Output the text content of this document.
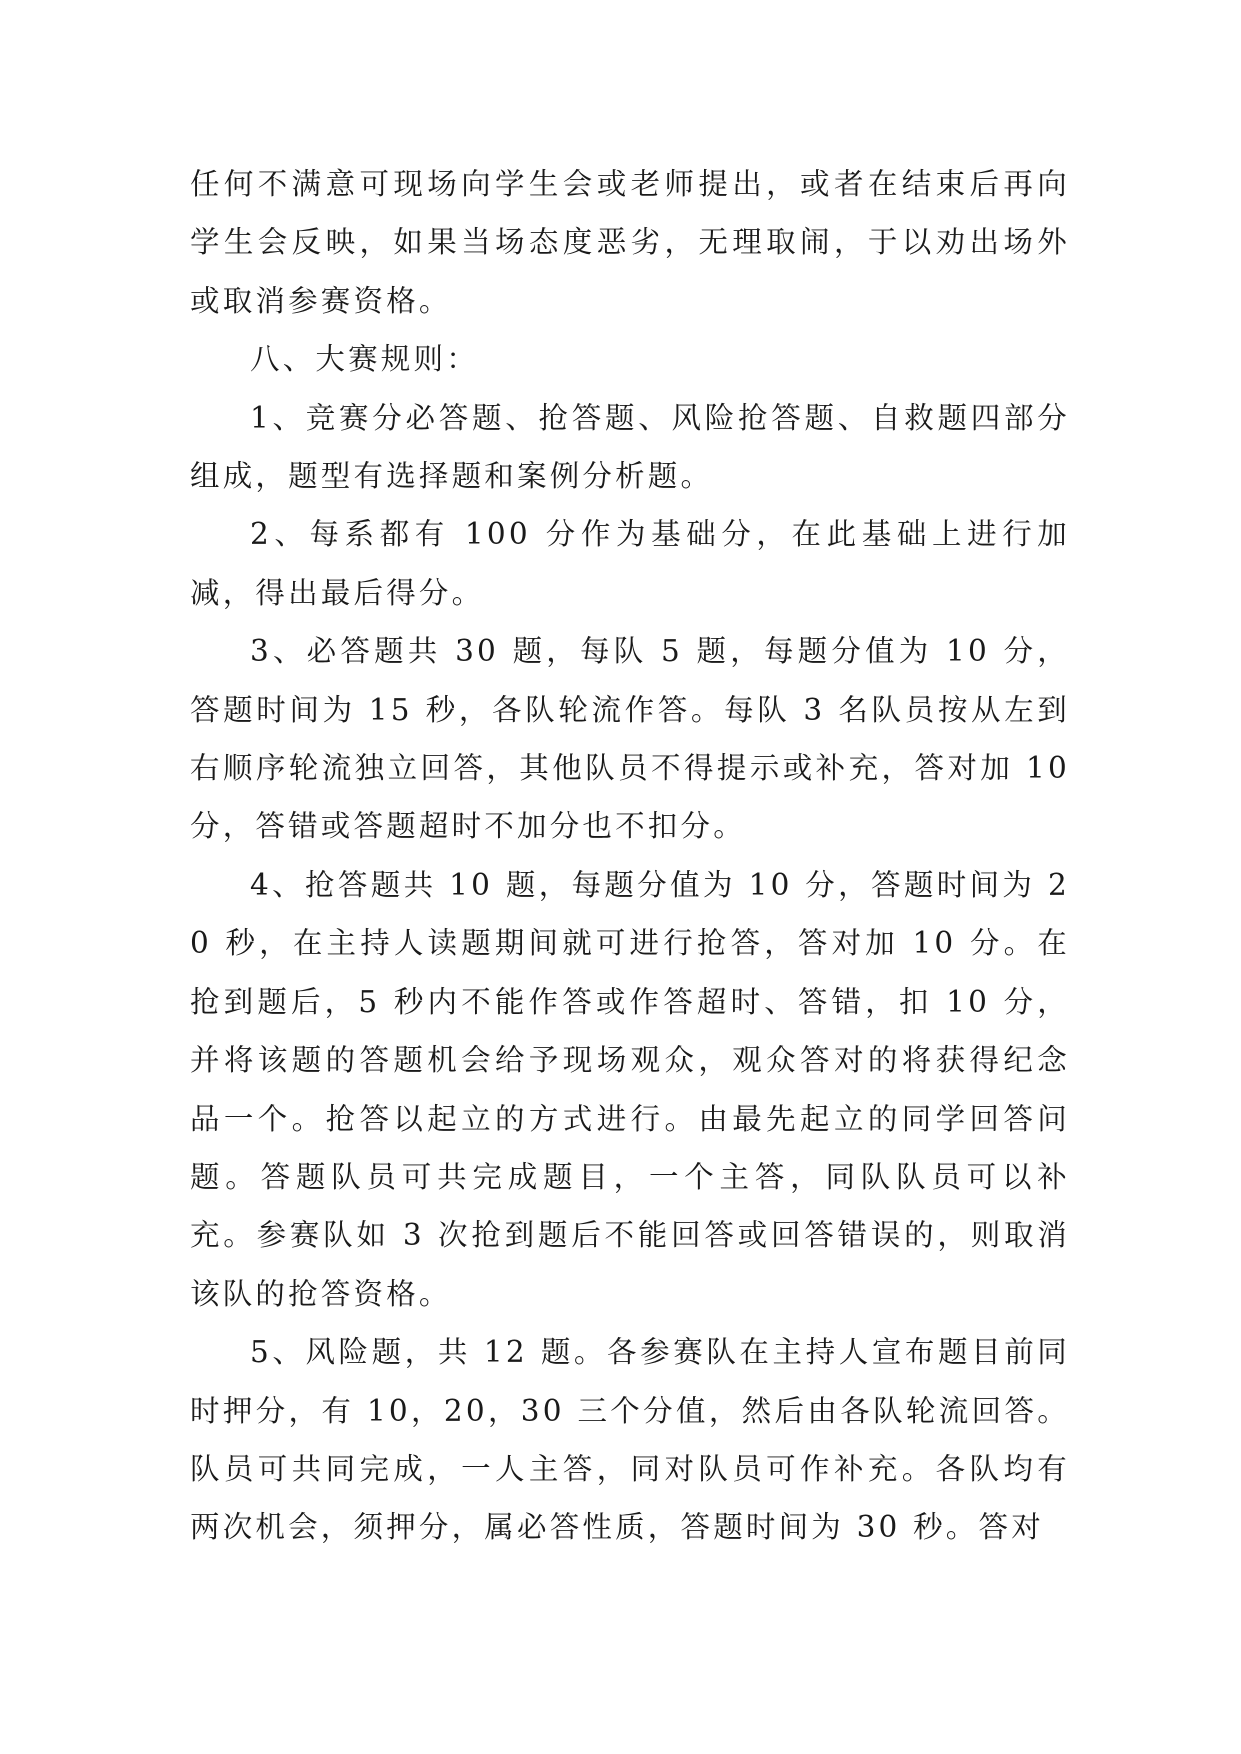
任何不满意可现场向学生会或老师提出，或者在结束后再向学生会反映，如果当场态度恶劣，无理取闹，于以劝出场外或取消参赛资格。

八、大赛规则：

1、竞赛分必答题、抢答题、风险抢答题、自救题四部分组成，题型有选择题和案例分析题。

2、每系都有 100 分作为基础分，在此基础上进行加减，得出最后得分。

3、必答题共 30 题，每队 5 题，每题分值为 10 分，答题时间为 15 秒，各队轮流作答。每队 3 名队员按从左到右顺序轮流独立回答，其他队员不得提示或补充，答对加 10 分，答错或答题超时不加分也不扣分。

4、抢答题共 10 题，每题分值为 10 分，答题时间为 20 秒，在主持人读题期间就可进行抢答，答对加 10 分。在抢到题后，5 秒内不能作答或作答超时、答错，扣 10 分，并将该题的答题机会给予现场观众，观众答对的将获得纪念品一个。抢答以起立的方式进行。由最先起立的同学回答问题。答题队员可共完成题目，一个主答，同队队员可以补充。参赛队如 3 次抢到题后不能回答或回答错误的，则取消该队的抢答资格。

5、风险题，共 12 题。各参赛队在主持人宣布题目前同时押分，有 10，20，30 三个分值，然后由各队轮流回答。队员可共同完成，一人主答，同对队员可作补充。各队均有两次机会，须押分，属必答性质，答题时间为 30 秒。答对
